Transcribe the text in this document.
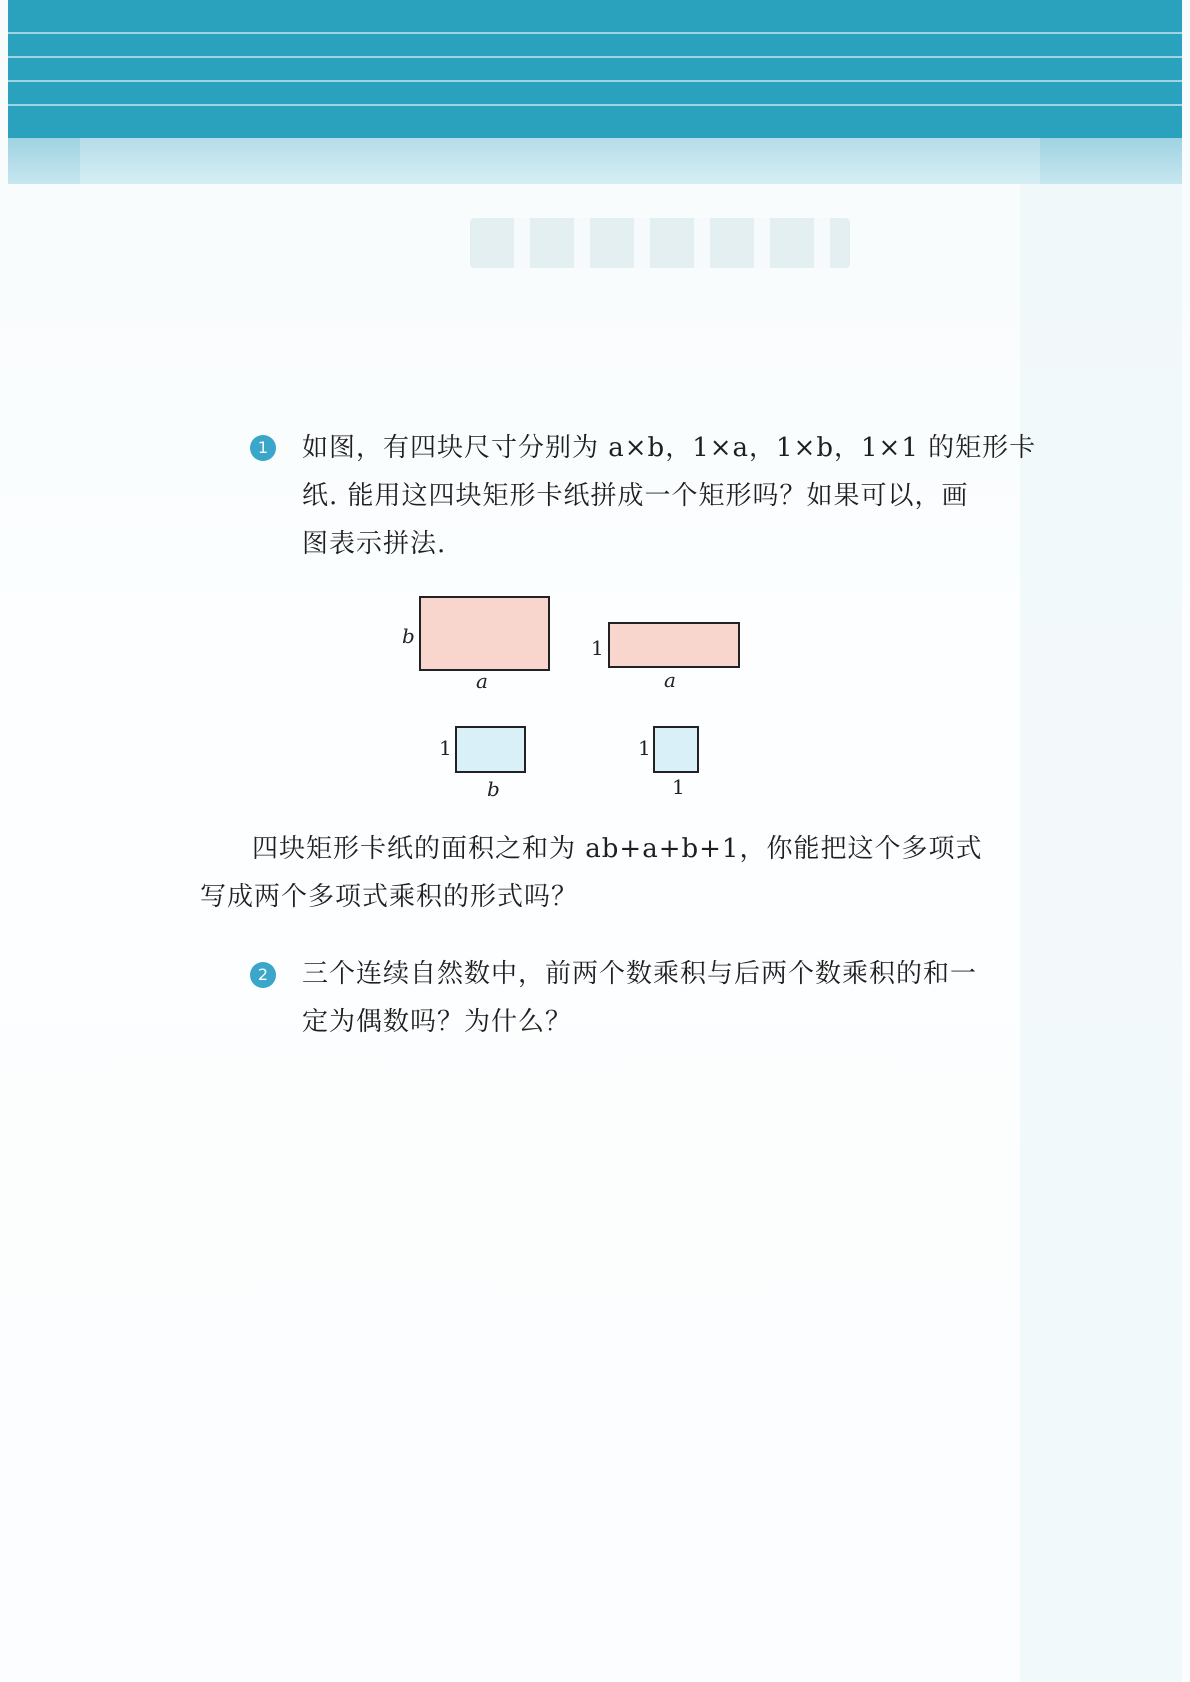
1	如图，有四块尺寸分别为 a×b，1×a，1×b，1×1 的矩形卡
纸. 能用这四块矩形卡纸拼成一个矩形吗？如果可以，画
图表示拼法.
b
a
1
a
1
b
1
1
四块矩形卡纸的面积之和为 ab+a+b+1，你能把这个多项式
写成两个多项式乘积的形式吗？
2	三个连续自然数中，前两个数乘积与后两个数乘积的和一
定为偶数吗？为什么？
